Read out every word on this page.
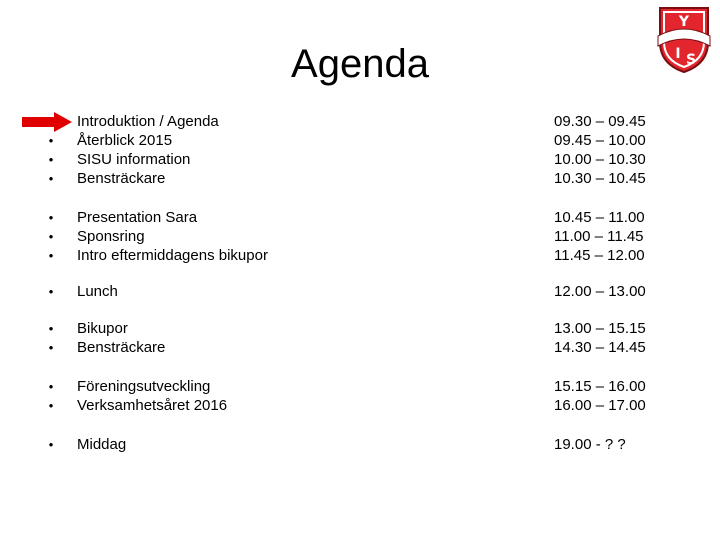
Agenda
Y
I S
Introduktion / Agenda	09.30 – 09.45
•	Återblick 2015	09.45 – 10.00
•	SISU information	10.00 – 10.30
•	Bensträckare	10.30 – 10.45
•	Presentation Sara	10.45 – 11.00
•	Sponsring	11.00 – 11.45
•	Intro eftermiddagens bikupor	11.45 – 12.00
•	Lunch	12.00 – 13.00
•	Bikupor	13.00 – 15.15
•	Bensträckare	14.30 – 14.45
•	Föreningsutveckling	15.15 – 16.00
•	Verksamhetsåret 2016	16.00 – 17.00
•	Middag	19.00 - ? ?
